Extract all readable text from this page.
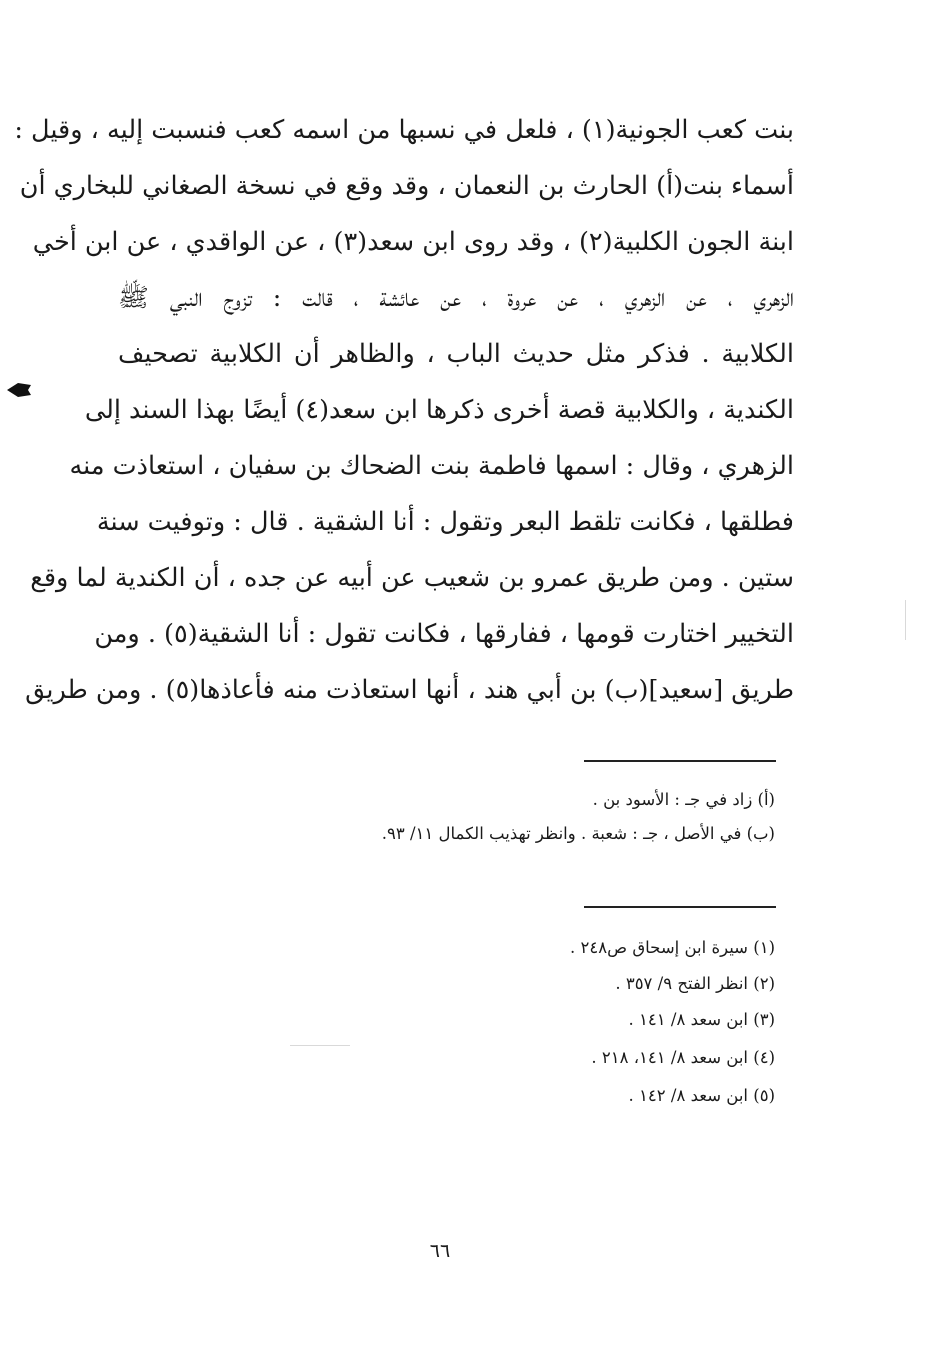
بنت كعب الجونية(١) ، فلعل في نسبها من اسمه كعب فنسبت إليه ، وقيل :
أسماء بنت(أ) الحارث بن النعمان ، وقد وقع في نسخة الصغاني للبخاري أن
ابنة الجون الكلبية(٢) ، وقد روى ابن سعد(٣) ، عن الواقدي ، عن ابن أخي
الزهري ، عن الزهري ، عن عروة ، عن عائشة ، قالت : تزوج النبي ﷺ
الكلابية . فذكر مثل حديث الباب ، والظاهر أن الكلابية تصحيف
الكندية ، والكلابية قصة أخرى ذكرها ابن سعد(٤) أيضًا بهذا السند إلى
الزهري ، وقال : اسمها فاطمة بنت الضحاك بن سفيان ، استعاذت منه
فطلقها ، فكانت تلقط البعر وتقول : أنا الشقية . قال : وتوفيت سنة
ستين . ومن طريق عمرو بن شعيب عن أبيه عن جده ، أن الكندية لما وقع
التخيير اختارت قومها ، ففارقها ، فكانت تقول : أنا الشقية(٥) . ومن
طريق [سعيد](ب) بن أبي هند ، أنها استعاذت منه فأعاذها(٥) . ومن طريق
(أ) زاد في جـ : الأسود بن .
(ب) في الأصل ، جـ : شعبة . وانظر تهذيب الكمال ١١/ ٩٣.
(١) سيرة ابن إسحاق ص٢٤٨ .
(٢) انظر الفتح ٩/ ٣٥٧ .
(٣) ابن سعد ٨/ ١٤١ .
(٤) ابن سعد ٨/ ١٤١، ٢١٨ .
(٥) ابن سعد ٨/ ١٤٢ .
٦٦
